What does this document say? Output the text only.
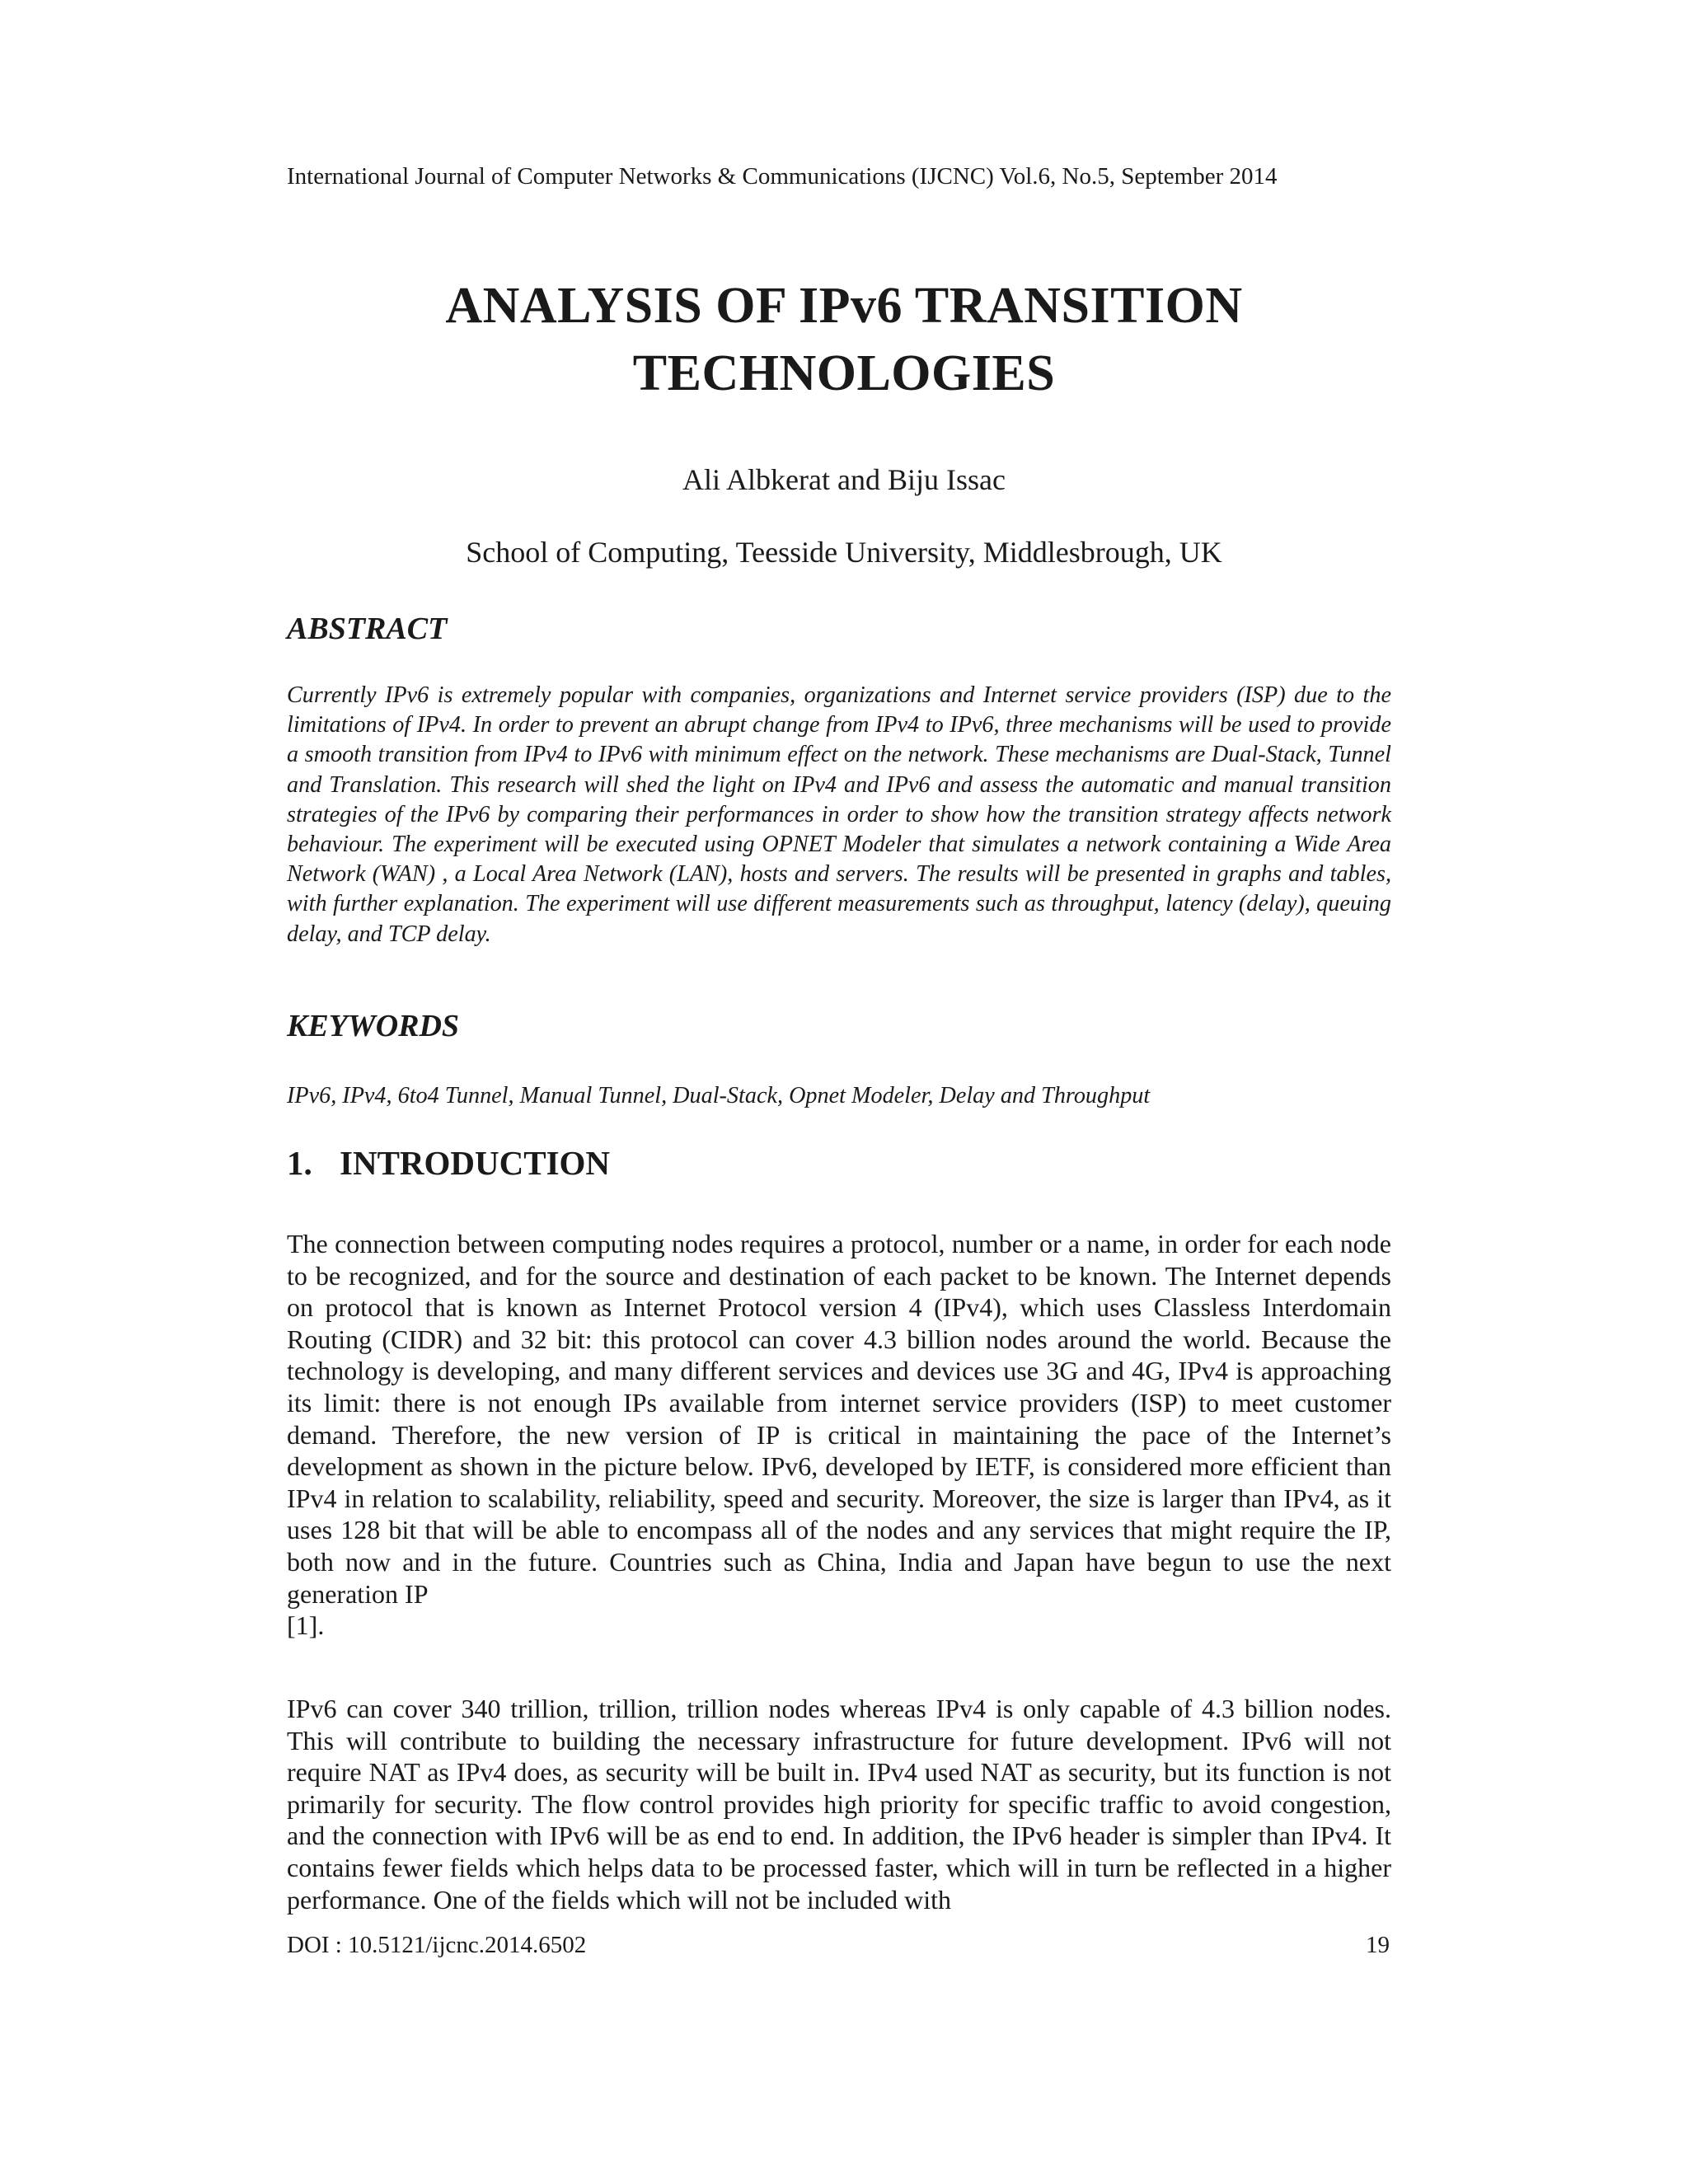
International Journal of Computer Networks & Communications (IJCNC) Vol.6, No.5, September 2014
ANALYSIS OF IPv6 TRANSITION
TECHNOLOGIES
Ali Albkerat and Biju Issac
School of Computing, Teesside University, Middlesbrough, UK
ABSTRACT
Currently IPv6 is extremely popular with companies, organizations and Internet service providers (ISP) due to the limitations of IPv4. In order to prevent an abrupt change from IPv4 to IPv6, three mechanisms will be used to provide a smooth transition from IPv4 to IPv6 with minimum effect on the network. These mechanisms are Dual-Stack, Tunnel and Translation. This research will shed the light on IPv4 and IPv6 and assess the automatic and manual transition strategies of the IPv6 by comparing their performances in order to show how the transition strategy affects network behaviour. The experiment will be executed using OPNET Modeler that simulates a network containing a Wide Area Network (WAN) , a Local Area Network (LAN), hosts and servers. The results will be presented in graphs and tables, with further explanation. The experiment will use different measurements such as throughput, latency (delay), queuing delay, and TCP delay.
KEYWORDS
IPv6, IPv4, 6to4 Tunnel, Manual Tunnel, Dual-Stack, Opnet Modeler, Delay and Throughput
1. INTRODUCTION
The connection between computing nodes requires a protocol, number or a name, in order for each node to be recognized, and for the source and destination of each packet to be known. The Internet depends on protocol that is known as Internet Protocol version 4 (IPv4), which uses Classless Interdomain Routing (CIDR) and 32 bit: this protocol can cover 4.3 billion nodes around the world. Because the technology is developing, and many different services and devices use 3G and 4G, IPv4 is approaching its limit: there is not enough IPs available from internet service providers (ISP) to meet customer demand. Therefore, the new version of IP is critical in maintaining the pace of the Internet’s development as shown in the picture below. IPv6, developed by IETF, is considered more efficient than IPv4 in relation to scalability, reliability, speed and security. Moreover, the size is larger than IPv4, as it uses 128 bit that will be able to encompass all of the nodes and any services that might require the IP, both now and in the future. Countries such as China, India and Japan have begun to use the next generation IP
[1].
IPv6 can cover 340 trillion, trillion, trillion nodes whereas IPv4 is only capable of 4.3 billion nodes. This will contribute to building the necessary infrastructure for future development. IPv6 will not require NAT as IPv4 does, as security will be built in. IPv4 used NAT as security, but its function is not primarily for security. The flow control provides high priority for specific traffic to avoid congestion, and the connection with IPv6 will be as end to end. In addition, the IPv6 header is simpler than IPv4. It contains fewer fields which helps data to be processed faster, which will in turn be reflected in a higher performance. One of the fields which will not be included with
DOI : 10.5121/ijcnc.2014.6502	19
